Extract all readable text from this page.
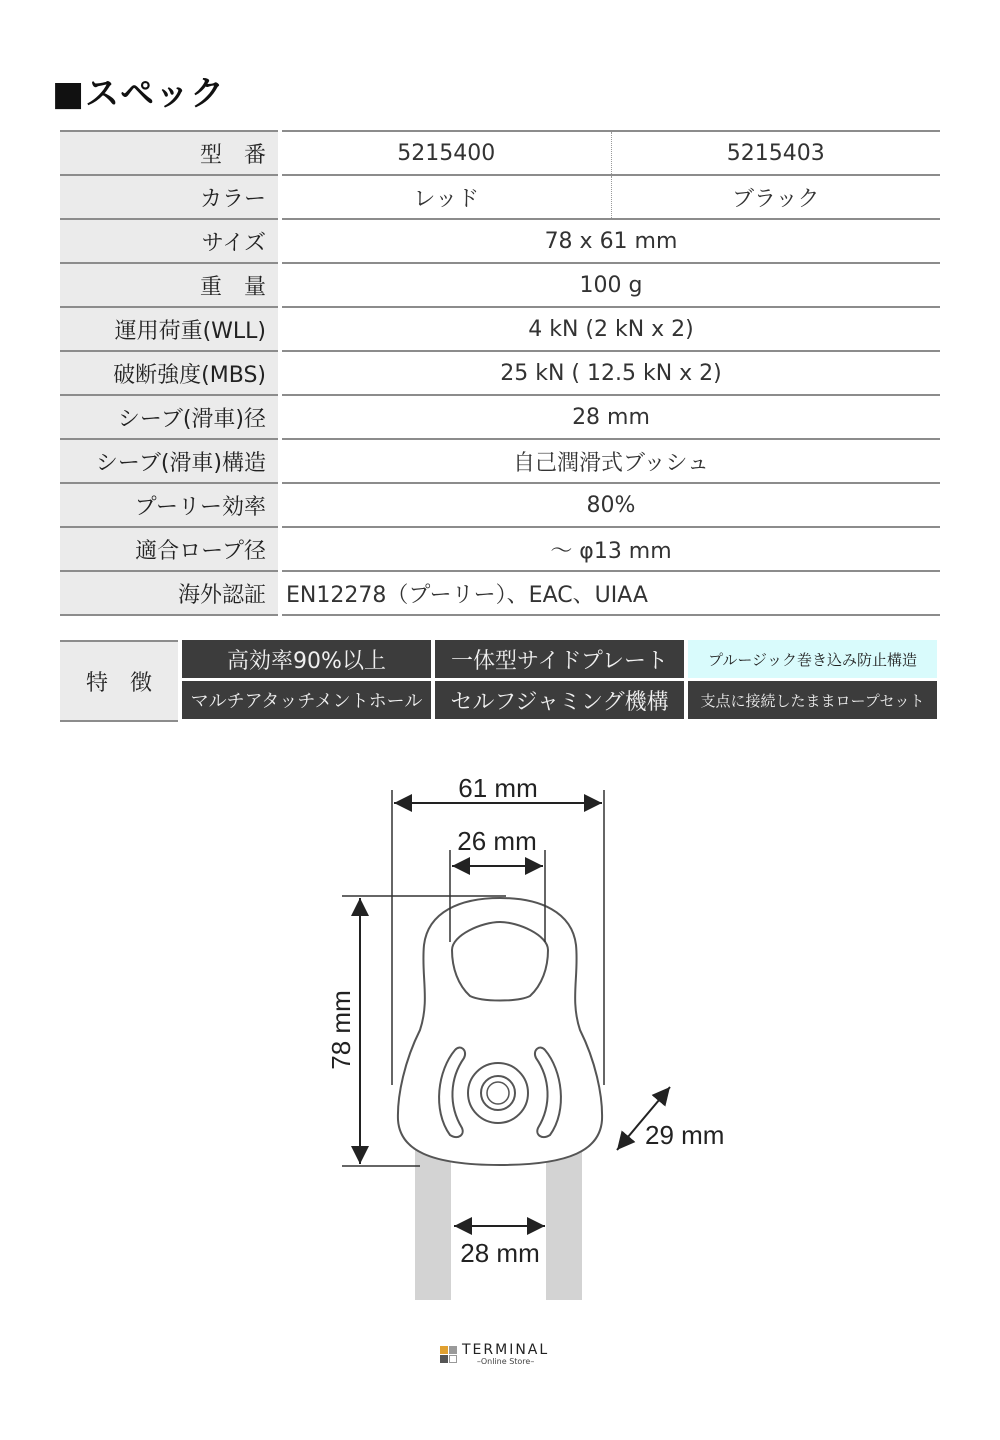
■スペック
型　番		5215400	5215403
カラー		レッド	ブラック
サイズ		78 x 61 mm	
重　量		100 g	
運用荷重(WLL)		4 kN (2 kN x 2)	
破断強度(MBS)		25 kN ( 12.5 kN x 2)	
シーブ(滑車)径		28 mm	
シーブ(滑車)構造		自己潤滑式ブッシュ	
プーリー効率		80%	
適合ロープ径		～ φ13 mm	
海外認証		EN12278（プーリー）、EAC、UIAA	
特　徴
高効率90%以上	一体型サイドプレート	プルージック巻き込み防止構造
マルチアタッチメントホール	セルフジャミング機構	支点に接続したままロープセット
61 mm
26 mm
78 mm
29 mm
28 mm
TERMINAL
–Online Store–
